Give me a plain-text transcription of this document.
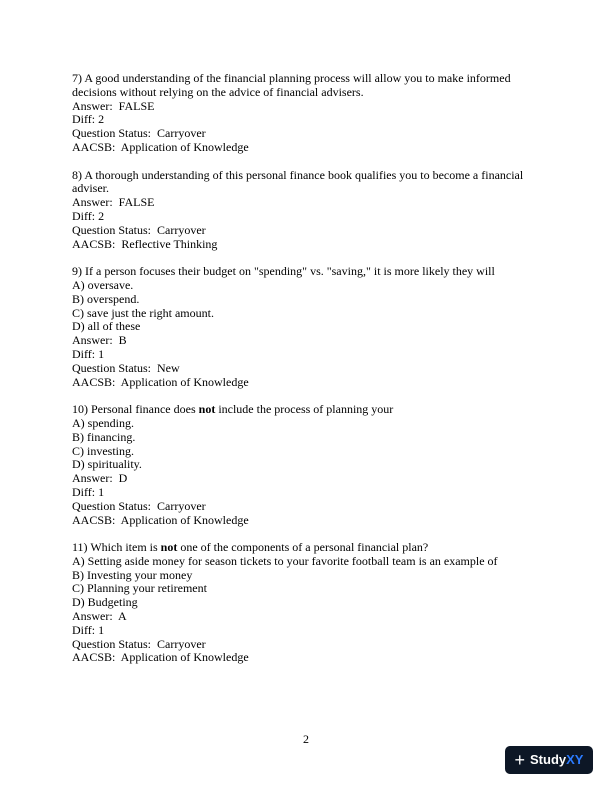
7) A good understanding of the financial planning process will allow you to make informed
decisions without relying on the advice of financial advisers.
Answer:  FALSE
Diff: 2
Question Status:  Carryover
AACSB:  Application of Knowledge
8) A thorough understanding of this personal finance book qualifies you to become a financial
adviser.
Answer:  FALSE
Diff: 2
Question Status:  Carryover
AACSB:  Reflective Thinking
9) If a person focuses their budget on "spending" vs. "saving," it is more likely they will
A) oversave.
B) overspend.
C) save just the right amount.
D) all of these
Answer:  B
Diff: 1
Question Status:  New
AACSB:  Application of Knowledge
10) Personal finance does not include the process of planning your
A) spending.
B) financing.
C) investing.
D) spirituality.
Answer:  D
Diff: 1
Question Status:  Carryover
AACSB:  Application of Knowledge
11) Which item is not one of the components of a personal financial plan?
A) Setting aside money for season tickets to your favorite football team is an example of
B) Investing your money
C) Planning your retirement
D) Budgeting
Answer:  A
Diff: 1
Question Status:  Carryover
AACSB:  Application of Knowledge
2
+ StudyXY
